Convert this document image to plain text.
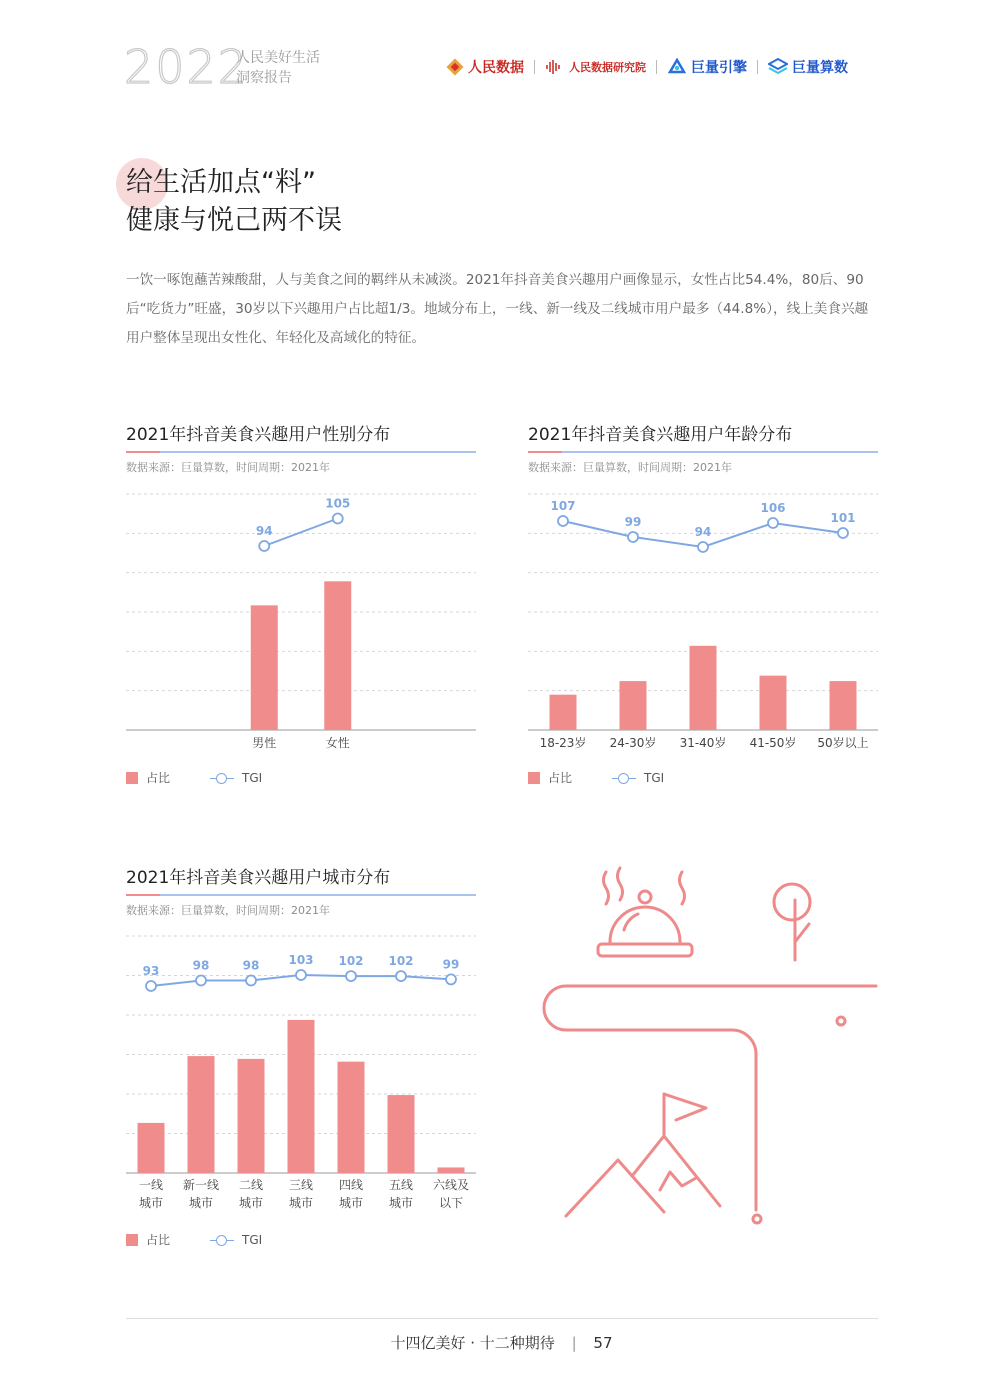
2022
人民美好生活
洞察报告
人民数据	人民数据研究院	巨量引擎	巨量算数
给生活加点“料”
健康与悦己两不误
一饮一啄饱蘸苦辣酸甜，人与美食之间的羁绊从未减淡。2021年抖音美食兴趣用户画像显示，女性占比54.4%，80后、90后“吃货力”旺盛，30岁以下兴趣用户占比超1/3。地域分布上，一线、新一线及二线城市用户最多（44.8%），线上美食兴趣用户整体呈现出女性化、年轻化及高域化的特征。
2021年抖音美食兴趣用户性别分布
数据来源：巨量算数，时间周期：2021年
男性	女性
94
105
占比	TGI
2021年抖音美食兴趣用户年龄分布
数据来源：巨量算数，时间周期：2021年
18-23岁 24-30岁 31-40岁 41-50岁 50岁以上
107
99
94
106
101
占比	TGI
2021年抖音美食兴趣用户城市分布
数据来源：巨量算数，时间周期：2021年
一线城市
新一线城市
二线城市
三线城市
四线城市
五线城市
六线及以下
93	98	98 103 102 102 99
占比	TGI
十四亿美好 · 十二种期待 | 57
